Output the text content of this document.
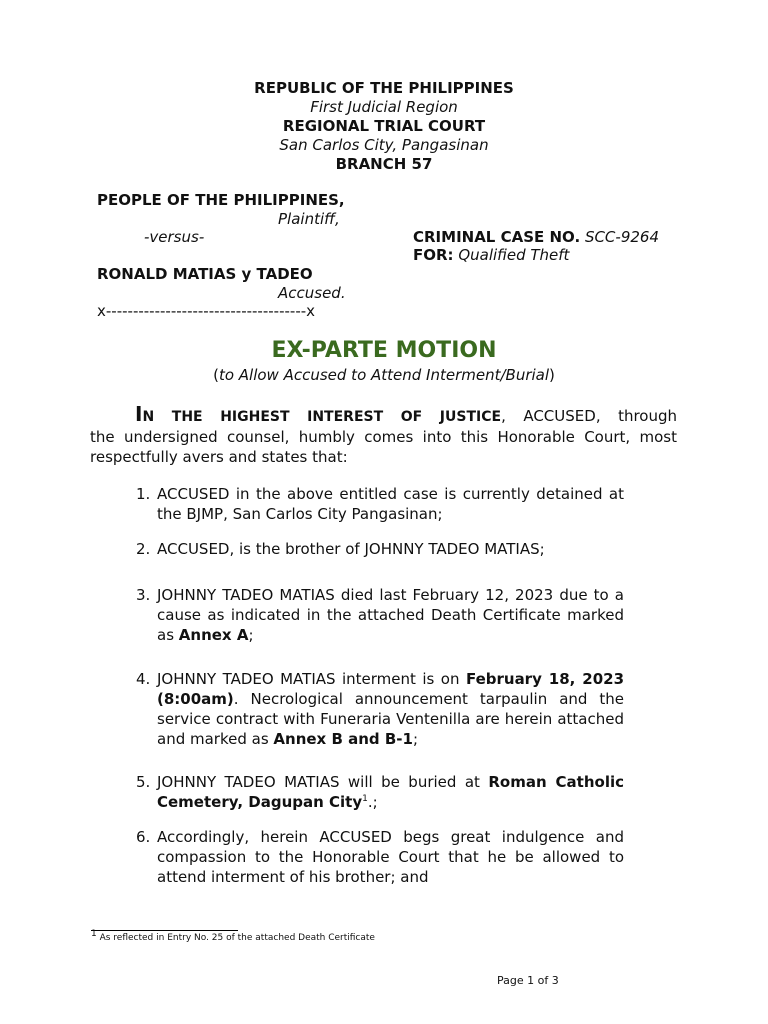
REPUBLIC OF THE PHILIPPINES
First Judicial Region
REGIONAL TRIAL COURT
San Carlos City, Pangasinan
BRANCH 57
PEOPLE OF THE PHILIPPINES,
Plaintiff,
-versus-	CRIMINAL CASE NO. SCC-9264
FOR: Qualified Theft
RONALD MATIAS y TADEO
Accused.
x-------------------------------------x
EX-PARTE MOTION
(to Allow Accused to Attend Interment/Burial)
IN THE HIGHEST INTEREST OF JUSTICE, ACCUSED, through
the undersigned counsel, humbly comes into this Honorable Court, most respectfully avers and states that:
1. ACCUSED in the above entitled case is currently detained at the BJMP, San Carlos City Pangasinan;
2. ACCUSED, is the brother of JOHNNY TADEO MATIAS;
3. JOHNNY TADEO MATIAS died last February 12, 2023 due to a cause as indicated in the attached Death Certificate marked as Annex A;
4. JOHNNY TADEO MATIAS interment is on February 18, 2023 (8:00am). Necrological announcement tarpaulin and the service contract with Funeraria Ventenilla are herein attached and marked as Annex B and B-1;
5. JOHNNY TADEO MATIAS will be buried at Roman Catholic Cemetery, Dagupan City$^1$.;
6. Accordingly, herein ACCUSED begs great indulgence and compassion to the Honorable Court that he be allowed to attend interment of his brother; and
$^1$ As reflected in Entry No. 25 of the attached Death Certificate
Page 1 of 3
